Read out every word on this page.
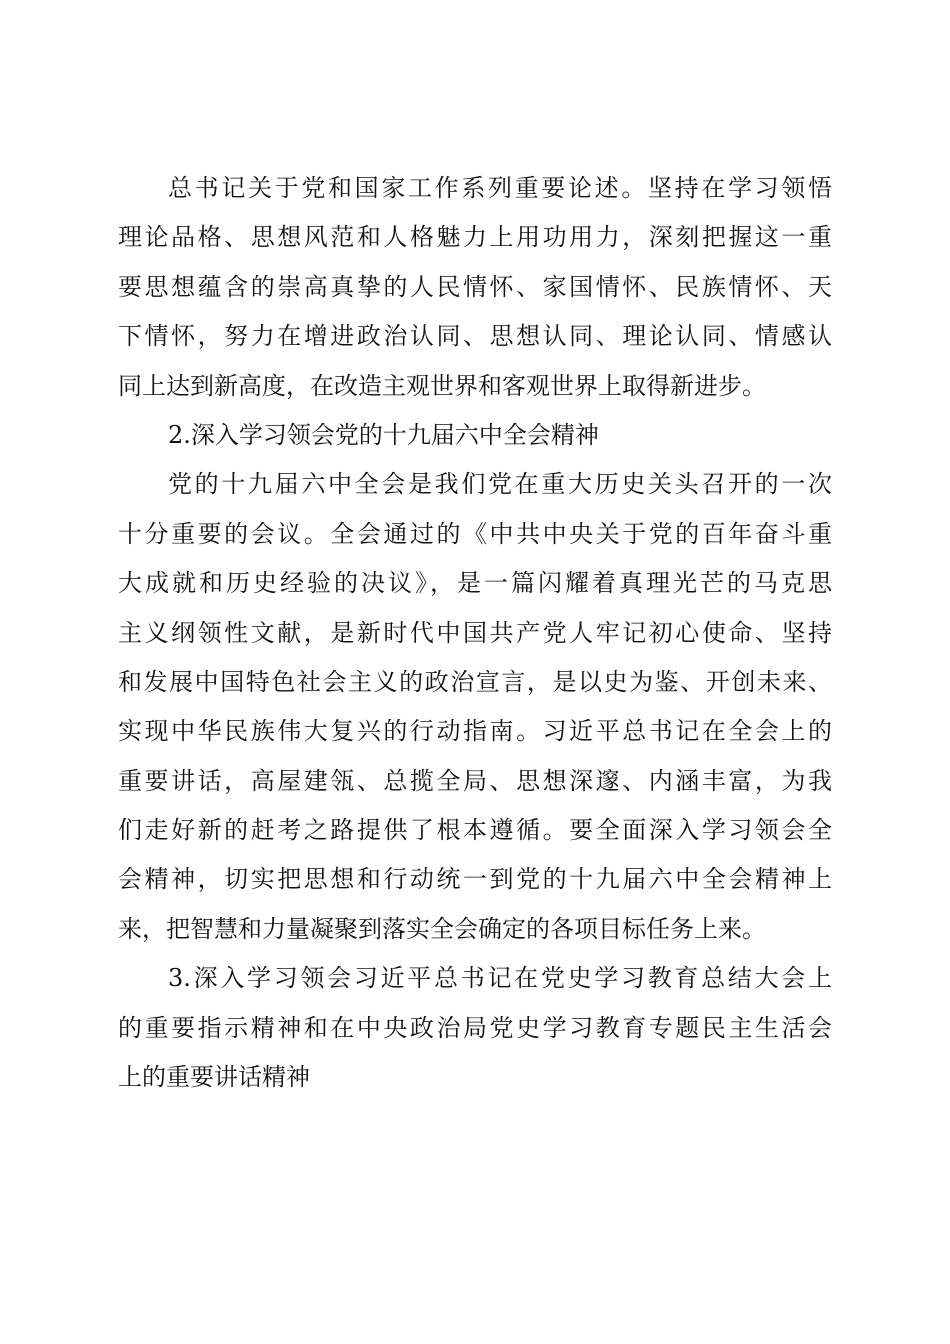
总书记关于党和国家工作系列重要论述。坚持在学习领悟
理论品格、思想风范和人格魅力上用功用力，深刻把握这一重
要思想蕴含的崇高真挚的人民情怀、家国情怀、民族情怀、天
下情怀，努力在增进政治认同、思想认同、理论认同、情感认
同上达到新高度，在改造主观世界和客观世界上取得新进步。
2.深入学习领会党的十九届六中全会精神
党的十九届六中全会是我们党在重大历史关头召开的一次
十分重要的会议。全会通过的《中共中央关于党的百年奋斗重
大成就和历史经验的决议》，是一篇闪耀着真理光芒的马克思
主义纲领性文献，是新时代中国共产党人牢记初心使命、坚持
和发展中国特色社会主义的政治宣言，是以史为鉴、开创未来、
实现中华民族伟大复兴的行动指南。习近平总书记在全会上的
重要讲话，高屋建瓴、总揽全局、思想深邃、内涵丰富，为我
们走好新的赶考之路提供了根本遵循。要全面深入学习领会全
会精神，切实把思想和行动统一到党的十九届六中全会精神上
来，把智慧和力量凝聚到落实全会确定的各项目标任务上来。
3.深入学习领会习近平总书记在党史学习教育总结大会上
的重要指示精神和在中央政治局党史学习教育专题民主生活会
上的重要讲话精神
